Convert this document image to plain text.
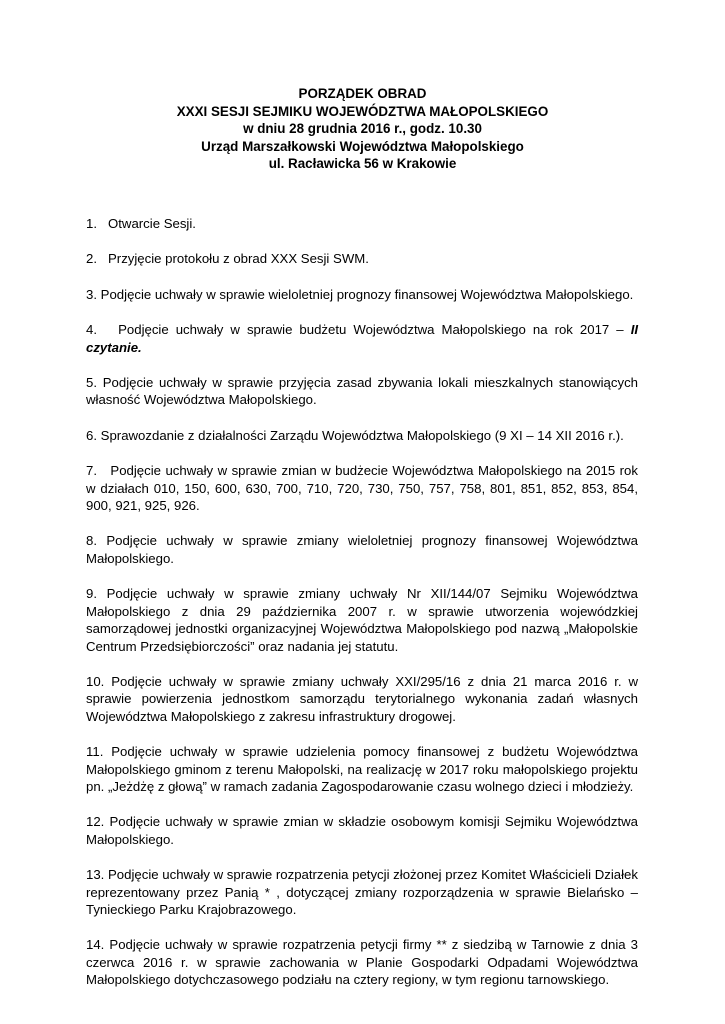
PORZĄDEK OBRAD
XXXI SESJI SEJMIKU WOJEWÓDZTWA MAŁOPOLSKIEGO
w dniu 28 grudnia 2016 r., godz. 10.30
Urząd Marszałkowski Województwa Małopolskiego
ul. Racławicka 56 w Krakowie
1. Otwarcie Sesji.
2. Przyjęcie protokołu z obrad XXX Sesji SWM.
3. Podjęcie uchwały w sprawie wieloletniej prognozy finansowej Województwa Małopolskiego.
4. Podjęcie uchwały w sprawie budżetu Województwa Małopolskiego na rok 2017 – II czytanie.
5. Podjęcie uchwały w sprawie przyjęcia zasad zbywania lokali mieszkalnych stanowiących własność Województwa Małopolskiego.
6. Sprawozdanie z działalności Zarządu Województwa Małopolskiego (9 XI – 14 XII 2016 r.).
7. Podjęcie uchwały w sprawie zmian w budżecie Województwa Małopolskiego na 2015 rok w działach 010, 150, 600, 630, 700, 710, 720, 730, 750, 757, 758, 801, 851, 852, 853, 854, 900, 921, 925, 926.
8. Podjęcie uchwały w sprawie zmiany wieloletniej prognozy finansowej Województwa Małopolskiego.
9. Podjęcie uchwały w sprawie zmiany uchwały Nr XII/144/07 Sejmiku Województwa Małopolskiego z dnia 29 października 2007 r. w sprawie utworzenia wojewódzkiej samorządowej jednostki organizacyjnej Województwa Małopolskiego pod nazwą „Małopolskie Centrum Przedsiębiorczości” oraz nadania jej statutu.
10. Podjęcie uchwały w sprawie zmiany uchwały XXI/295/16 z dnia 21 marca 2016 r. w sprawie powierzenia jednostkom samorządu terytorialnego wykonania zadań własnych Województwa Małopolskiego z zakresu infrastruktury drogowej.
11. Podjęcie uchwały w sprawie udzielenia pomocy finansowej z budżetu Województwa Małopolskiego gminom z terenu Małopolski, na realizację w 2017 roku małopolskiego projektu pn. „Jeżdżę z głową” w ramach zadania Zagospodarowanie czasu wolnego dzieci i młodzieży.
12. Podjęcie uchwały w sprawie zmian w składzie osobowym komisji Sejmiku Województwa Małopolskiego.
13. Podjęcie uchwały w sprawie rozpatrzenia petycji złożonej przez Komitet Właścicieli Działek reprezentowany przez Panią * , dotyczącej zmiany rozporządzenia w sprawie Bielańsko – Tynieckiego Parku Krajobrazowego.
14. Podjęcie uchwały w sprawie rozpatrzenia petycji firmy ** z siedzibą w Tarnowie z dnia 3 czerwca 2016 r. w sprawie zachowania w Planie Gospodarki Odpadami Województwa Małopolskiego dotychczasowego podziału na cztery regiony, w tym regionu tarnowskiego.
